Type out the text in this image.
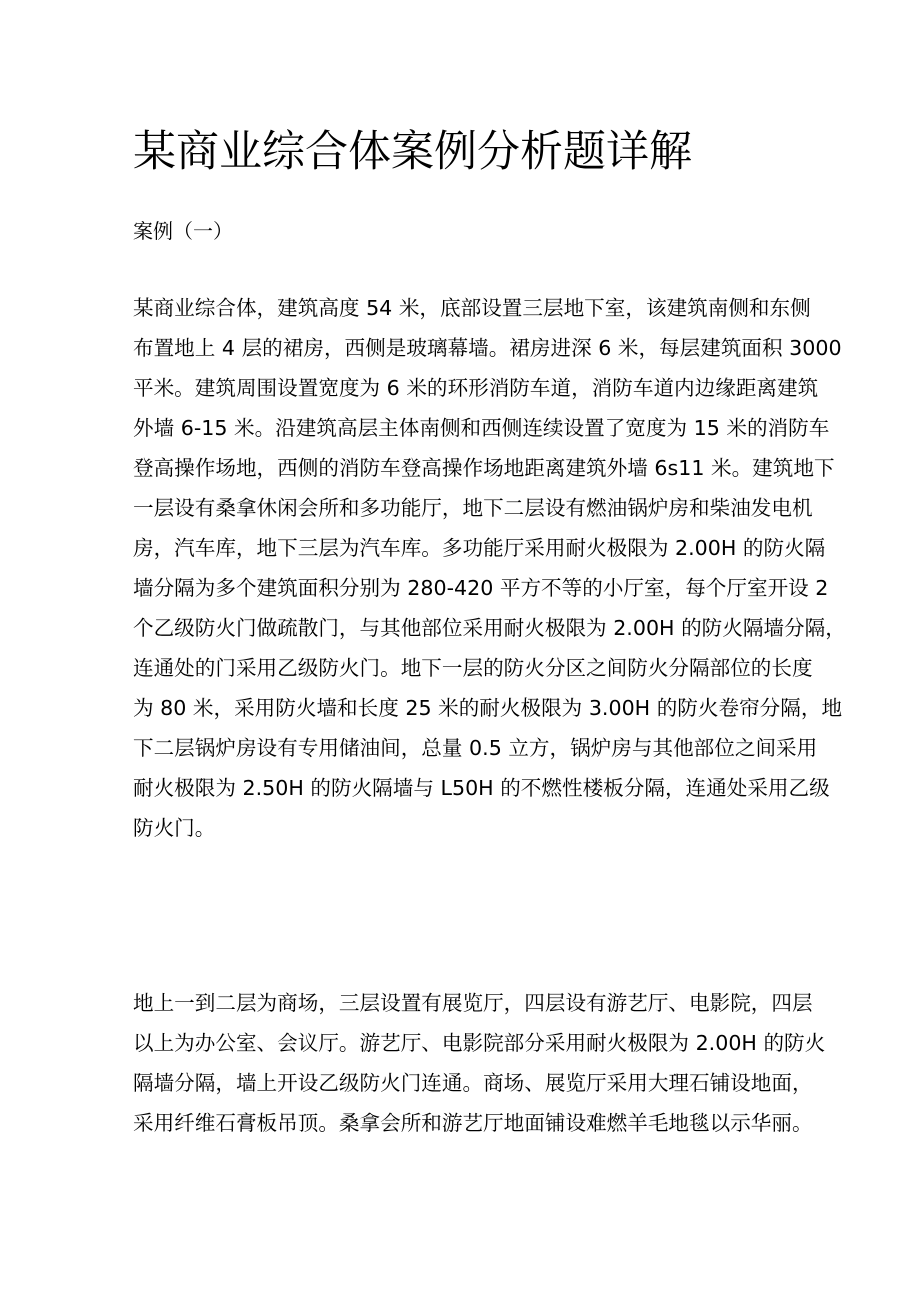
某商业综合体案例分析题详解

案例（一）

某商业综合体，建筑高度 54 米，底部设置三层地下室，该建筑南侧和东侧
布置地上 4 层的裙房，西侧是玻璃幕墙。裙房进深 6 米，每层建筑面积 3000
平米。建筑周围设置宽度为 6 米的环形消防车道，消防车道内边缘距离建筑
外墙 6-15 米。沿建筑高层主体南侧和西侧连续设置了宽度为 15 米的消防车
登高操作场地，西侧的消防车登高操作场地距离建筑外墙 6s11 米。建筑地下
一层设有桑拿休闲会所和多功能厅，地下二层设有燃油锅炉房和柴油发电机
房，汽车库，地下三层为汽车库。多功能厅采用耐火极限为 2.00H 的防火隔
墙分隔为多个建筑面积分别为 280-420 平方不等的小厅室，每个厅室开设 2
个乙级防火门做疏散门，与其他部位采用耐火极限为 2.00H 的防火隔墙分隔，
连通处的门采用乙级防火门。地下一层的防火分区之间防火分隔部位的长度
为 80 米，采用防火墙和长度 25 米的耐火极限为 3.00H 的防火卷帘分隔，地
下二层锅炉房设有专用储油间，总量 0.5 立方，锅炉房与其他部位之间采用
耐火极限为 2.50H 的防火隔墙与 L50H 的不燃性楼板分隔，连通处采用乙级
防火门。
地上一到二层为商场，三层设置有展览厅，四层设有游艺厅、电影院，四层
以上为办公室、会议厅。游艺厅、电影院部分采用耐火极限为 2.00H 的防火
隔墙分隔，墙上开设乙级防火门连通。商场、展览厅采用大理石铺设地面，
采用纤维石膏板吊顶。桑拿会所和游艺厅地面铺设难燃羊毛地毯以示华丽。
